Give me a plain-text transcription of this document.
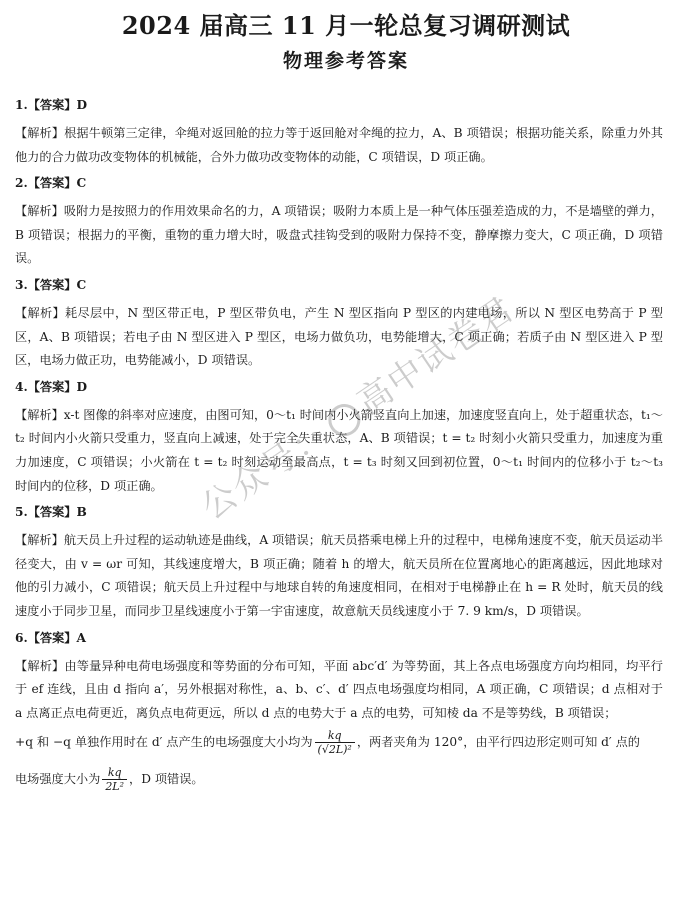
2024 届高三 11 月一轮总复习调研测试
物理参考答案

1.【答案】D

【解析】根据牛顿第三定律，伞绳对返回舱的拉力等于返回舱对伞绳的拉力，A、B 项错误；根据功能关系，除重力外其他力的合力做功改变物体的机械能，合外力做功改变物体的动能，C 项错误，D 项正确。

2.【答案】C

【解析】吸附力是按照力的作用效果命名的力，A 项错误；吸附力本质上是一种气体压强差造成的力，不是墙壁的弹力，B 项错误；根据力的平衡，重物的重力增大时，吸盘式挂钩受到的吸附力保持不变，静摩擦力变大，C 项正确，D 项错误。

3.【答案】C

【解析】耗尽层中，N 型区带正电，P 型区带负电，产生 N 型区指向 P 型区的内建电场，所以 N 型区电势高于 P 型区，A、B 项错误；若电子由 N 型区进入 P 型区，电场力做负功，电势能增大，C 项正确；若质子由 N 型区进入 P 型区，电场力做正功，电势能减小，D 项错误。

4.【答案】D

【解析】x-t 图像的斜率对应速度，由图可知，0～t₁ 时间内小火箭竖直向上加速，加速度竖直向上，处于超重状态，t₁～t₂ 时间内小火箭只受重力，竖直向上减速，处于完全失重状态，A、B 项错误；t = t₂ 时刻小火箭只受重力，加速度为重力加速度，C 项错误；小火箭在 t = t₂ 时刻运动至最高点，t = t₃ 时刻又回到初位置，0～t₁ 时间内的位移小于 t₂～t₃ 时间内的位移，D 项正确。

5.【答案】B

【解析】航天员上升过程的运动轨迹是曲线，A 项错误；航天员搭乘电梯上升的过程中，电梯角速度不变，航天员运动半径变大，由 v = ωr 可知，其线速度增大，B 项正确；随着 h 的增大，航天员所在位置离地心的距离越远，因此地球对他的引力减小，C 项错误；航天员上升过程中与地球自转的角速度相同，在相对于电梯静止在 h = R 处时，航天员的线速度小于同步卫星，而同步卫星线速度小于第一宇宙速度，故意航天员线速度小于 7. 9 km/s，D 项错误。

6.【答案】A

【解析】由等量异种电荷电场强度和等势面的分布可知，平面 abc′d′ 为等势面，其上各点电场强度方向均相同，均平行于 ef 连线，且由 d 指向 a′，另外根据对称性，a、b、c′、d′ 四点电场强度均相同，A 项正确，C 项错误；d 点相对于 a 点离正点电荷更近，离负点电荷更远，所以 d 点的电势大于 a 点的电势，可知棱 da 不是等势线，B 项错误；

+q 和 −q 单独作用时在 d′ 点产生的电场强度大小均为 $\frac{kq}{\text{(√2L)²}}$ ，两者夹角为 120°，由平行四边形定则可知 d′ 点的

电场强度大小为 $\frac{kq}{\text{2L²}}$ ，D 项错误。

公众号：高中试卷君
